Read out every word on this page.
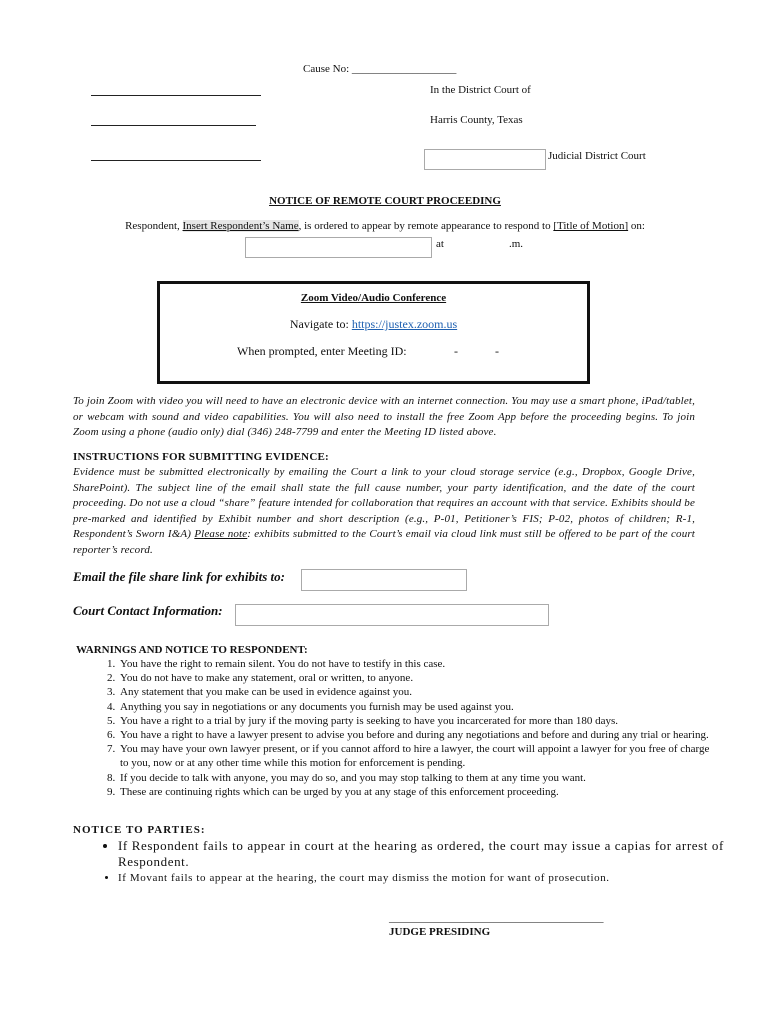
Cause No: ___________________
In the District Court of
Harris County, Texas
Judicial District Court
NOTICE OF REMOTE COURT PROCEEDING
Respondent, Insert Respondent’s Name, is ordered to appear by remote appearance to respond to [Title of Motion] on:
at	.m.
Zoom Video/Audio Conference
Navigate to: https://justex.zoom.us
When prompted, enter Meeting ID:	-	-
To join Zoom with video you will need to have an electronic device with an internet connection. You may use a smart phone, iPad/tablet, or webcam with sound and video capabilities. You will also need to install the free Zoom App before the proceeding begins. To join Zoom using a phone (audio only) dial (346) 248-7799 and enter the Meeting ID listed above.
INSTRUCTIONS FOR SUBMITTING EVIDENCE:
Evidence must be submitted electronically by emailing the Court a link to your cloud storage service (e.g., Dropbox, Google Drive, SharePoint). The subject line of the email shall state the full cause number, your party identification, and the date of the court proceeding. Do not use a cloud “share” feature intended for collaboration that requires an account with that service. Exhibits should be pre-marked and identified by Exhibit number and short description (e.g., P-01, Petitioner’s FIS; P-02, photos of children; R-1, Respondent’s Sworn I&A) Please note: exhibits submitted to the Court’s email via cloud link must still be offered to be part of the court reporter’s record.
Email the file share link for exhibits to:
Court Contact Information:
WARNINGS AND NOTICE TO RESPONDENT:
1. You have the right to remain silent. You do not have to testify in this case.
2. You do not have to make any statement, oral or written, to anyone.
3. Any statement that you make can be used in evidence against you.
4. Anything you say in negotiations or any documents you furnish may be used against you.
5. You have a right to a trial by jury if the moving party is seeking to have you incarcerated for more than 180 days.
6. You have a right to have a lawyer present to advise you before and during any negotiations and before and during any trial or hearing.
7. You may have your own lawyer present, or if you cannot afford to hire a lawyer, the court will appoint a lawyer for you free of charge to you, now or at any other time while this motion for enforcement is pending.
8. If you decide to talk with anyone, you may do so, and you may stop talking to them at any time you want.
9. These are continuing rights which can be urged by you at any stage of this enforcement proceeding.
NOTICE TO PARTIES:
• If Respondent fails to appear in court at the hearing as ordered, the court may issue a capias for arrest of Respondent.
• If Movant fails to appear at the hearing, the court may dismiss the motion for want of prosecution.
_______________________________________
JUDGE PRESIDING
